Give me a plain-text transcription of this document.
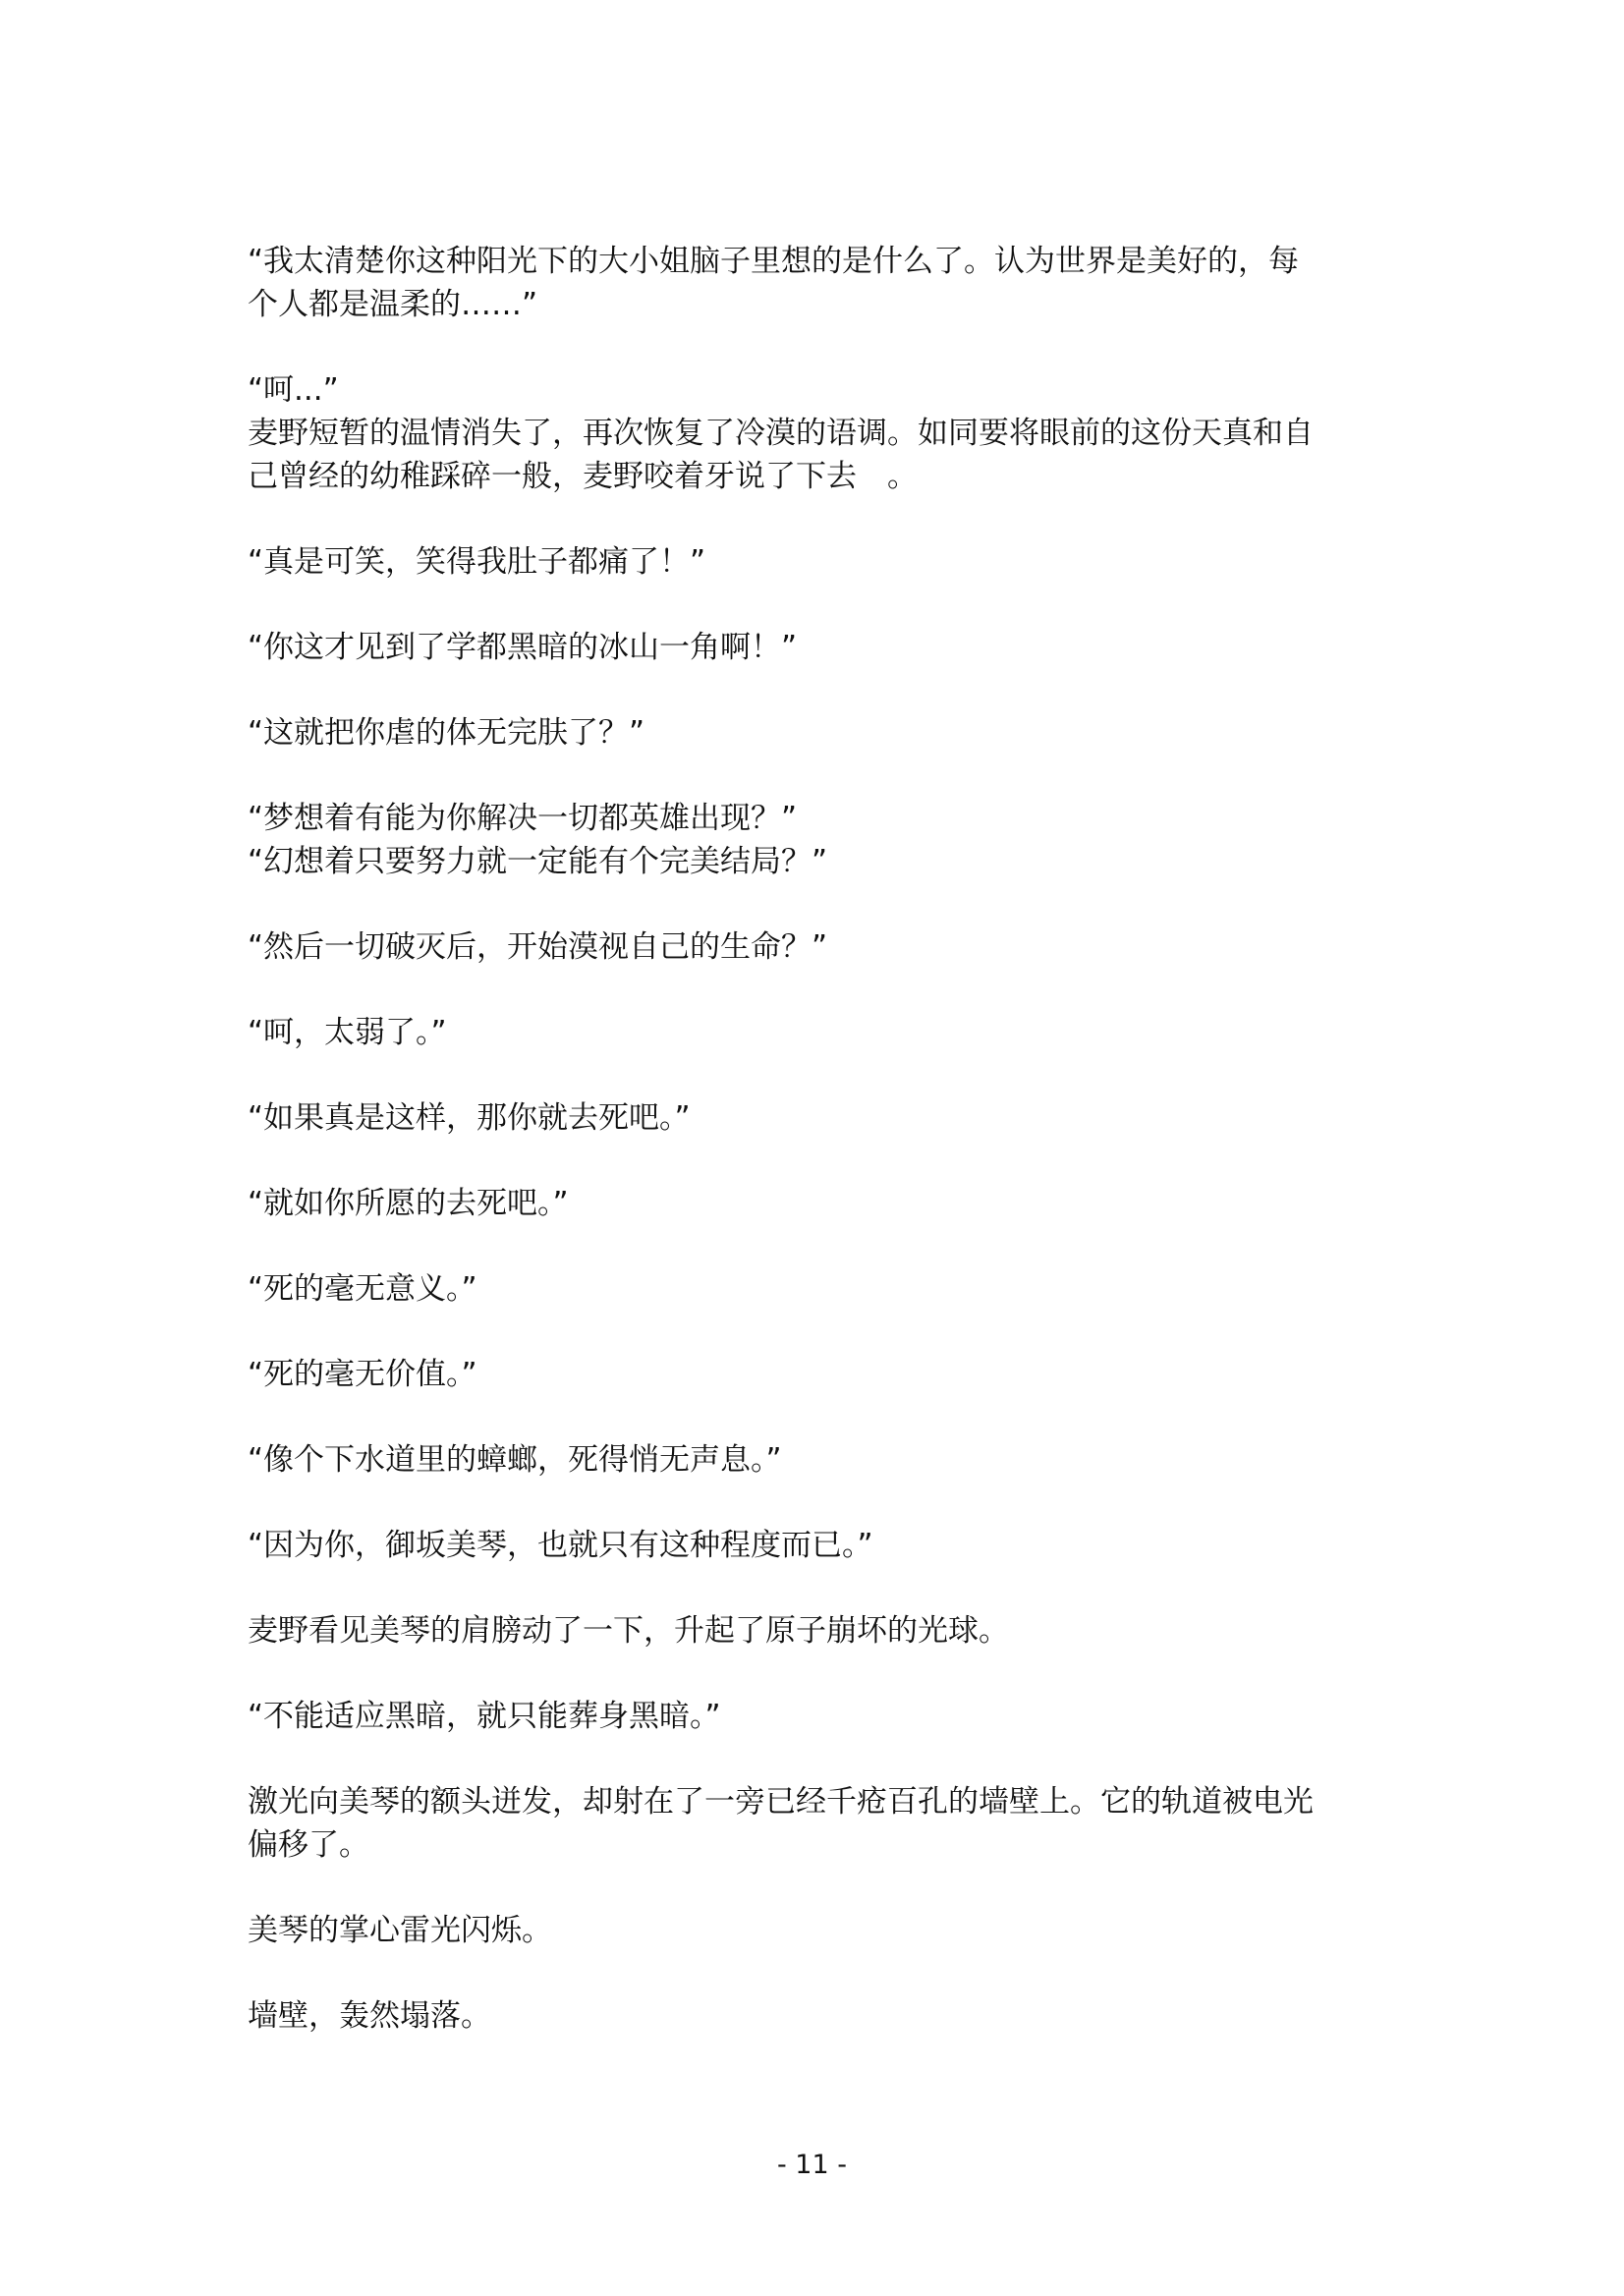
“我太清楚你这种阳光下的大小姐脑子里想的是什么了。认为世界是美好的，每
个人都是温柔的……”

“呵...”

麦野短暂的温情消失了，再次恢复了冷漠的语调。如同要将眼前的这份天真和自
己曾经的幼稚踩碎一般，麦野咬着牙说了下去　。

“真是可笑，笑得我肚子都痛了！”

“你这才见到了学都黑暗的冰山一角啊！”

“这就把你虐的体无完肤了？”

“梦想着有能为你解决一切都英雄出现？”

“幻想着只要努力就一定能有个完美结局？”

“然后一切破灭后，开始漠视自己的生命？”

“呵，太弱了。”

“如果真是这样，那你就去死吧。”

“就如你所愿的去死吧。”

“死的毫无意义。”

“死的毫无价值。”

“像个下水道里的蟑螂，死得悄无声息。”

“因为你，御坂美琴，也就只有这种程度而已。”

麦野看见美琴的肩膀动了一下，升起了原子崩坏的光球。

“不能适应黑暗，就只能葬身黑暗。”

激光向美琴的额头迸发，却射在了一旁已经千疮百孔的墙壁上。它的轨道被电光
偏移了。

美琴的掌心雷光闪烁。

墙壁，轰然塌落。

- 11 -
